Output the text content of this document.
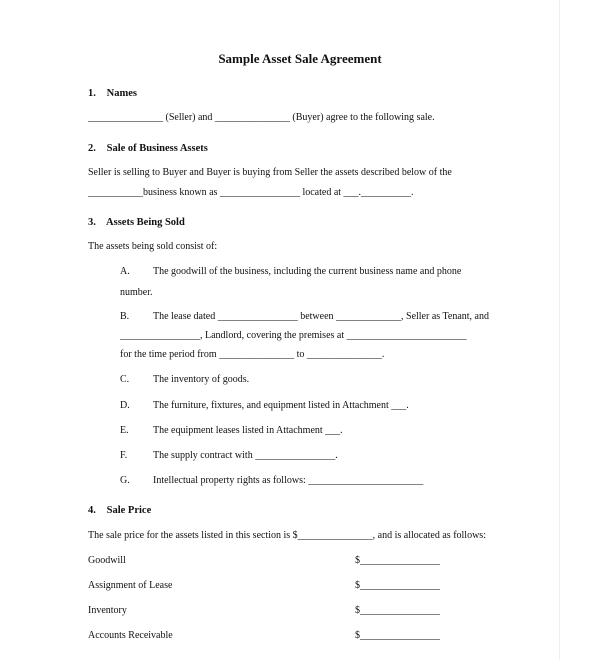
Sample Asset Sale Agreement
1. Names
_______________ (Seller) and _______________ (Buyer) agree to the following sale.
2. Sale of Business Assets
Seller is selling to Buyer and Buyer is buying from Seller the assets described below of the
___________business known as ________________ located at ___.__________.
3. Assets Being Sold
The assets being sold consist of:
A. The goodwill of the business, including the current business name and phone
number.
B. The lease dated ________________ between _____________, Seller as Tenant, and
________________, Landlord, covering the premises at ________________________
for the time period from _______________ to _______________.
C. The inventory of goods.
D. The furniture, fixtures, and equipment listed in Attachment ___.
E. The equipment leases listed in Attachment ___.
F.	The supply contract with ________________.
G. Intellectual property rights as follows: _______________________
4. Sale Price
The sale price for the assets listed in this section is $_______________, and is allocated as follows:
Goodwill	$________________
Assignment of Lease	$________________
Inventory	$________________
Accounts Receivable	$________________
